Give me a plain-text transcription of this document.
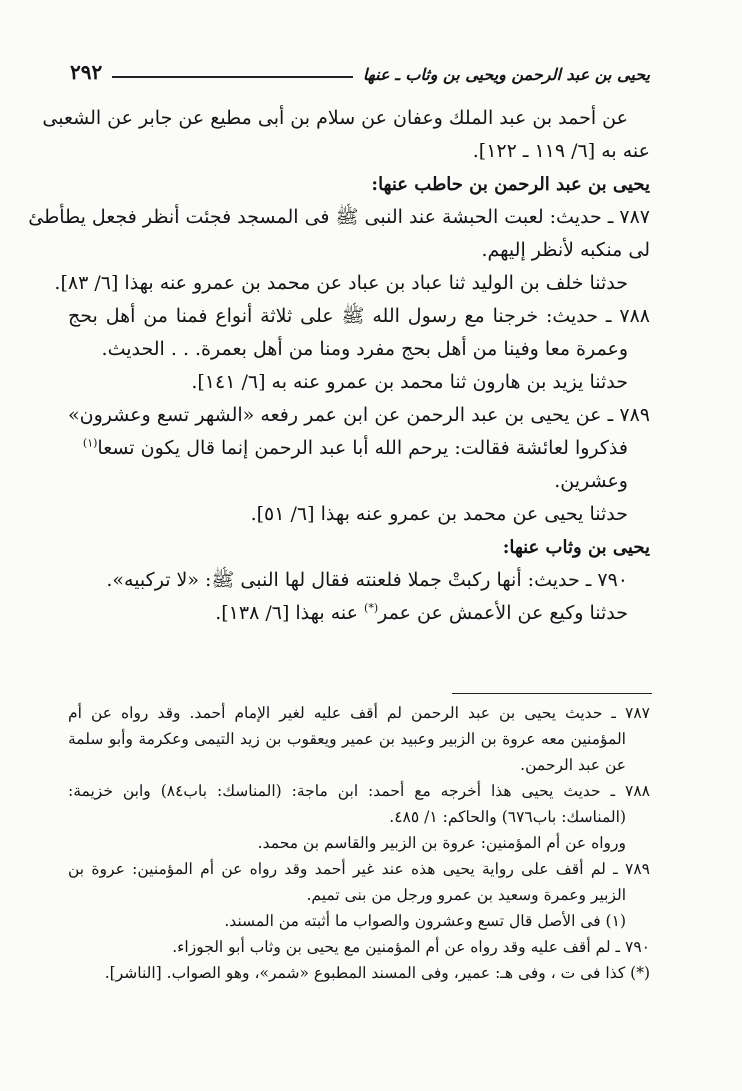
يحيى بن عبد الرحمن ويحيى بن وثاب ـ عنها
٢٩٢
عن أحمد بن عبد الملك وعفان عن سلام بن أبى مطيع عن جابر عن الشعبى
عنه به [٦/ ١١٩ ـ ١٢٢].
يحيى بن عبد الرحمن بن حاطب عنها:
٧٨٧ ـ حديث: لعبت الحبشة عند النبى ﷺ فى المسجد فجئت أنظر فجعل يطأطئ
لى منكبه لأنظر إليهم.
حدثنا خلف بن الوليد ثنا عباد بن عباد عن محمد بن عمرو عنه بهذا [٦/ ٨٣].
٧٨٨ ـ حديث: خرجنا مع رسول الله ﷺ على ثلاثة أنواع فمنا من أهل بحج
وعمرة معا وفينا من أهل بحج مفرد ومنا من أهل بعمرة. . . الحديث.
حدثنا يزيد بن هارون ثنا محمد بن عمرو عنه به [٦/ ١٤١].
٧٨٩ ـ عن يحيى بن عبد الرحمن عن ابن عمر رفعه «الشهر تسع وعشرون»
فذكروا لعائشة فقالت: يرحم الله أبا عبد الرحمن إنما قال يكون تسعا$^{(١)}$
وعشرين.
حدثنا يحيى عن محمد بن عمرو عنه بهذا [٦/ ٥١].
يحيى بن وثاب عنها:
٧٩٠ ـ حديث: أنها ركبتْ جملا فلعنته فقال لها النبى ﷺ: «لا تركبيه».
حدثنا وكيع عن الأعمش عن عمر(*) عنه بهذا [٦/ ١٣٨].
٧٨٧ ـ حديث يحيى بن عبد الرحمن لم أقف عليه لغير الإمام أحمد. وقد رواه عن أم
المؤمنين معه عروة بن الزبير وعبيد بن عمير ويعقوب بن زيد التيمى وعكرمة وأبو سلمة
عن عبد الرحمن.
٧٨٨ ـ حديث يحيى هذا أخرجه مع أحمد: ابن ماجة: (المناسك: باب٨٤) وابن خزيمة:
(المناسك: باب٦٧٦) والحاكم: ١/ ٤٨٥.
ورواه عن أم المؤمنين: عروة بن الزبير والقاسم بن محمد.
٧٨٩ ـ لم أقف على رواية يحيى هذه عند غير أحمد وقد رواه عن أم المؤمنين: عروة بن
الزبير وعمرة وسعيد بن عمرو ورجل من بنى تميم.
(١) فى الأصل قال تسع وعشرون والصواب ما أثبته من المسند.
٧٩٠ ـ لم أقف عليه وقد رواه عن أم المؤمنين مع يحيى بن وثاب أبو الجوزاء.
(*) كذا فى ت ، وفى هـ: عمير، وفى المسند المطبوع «شمر»، وهو الصواب. [الناشر].
